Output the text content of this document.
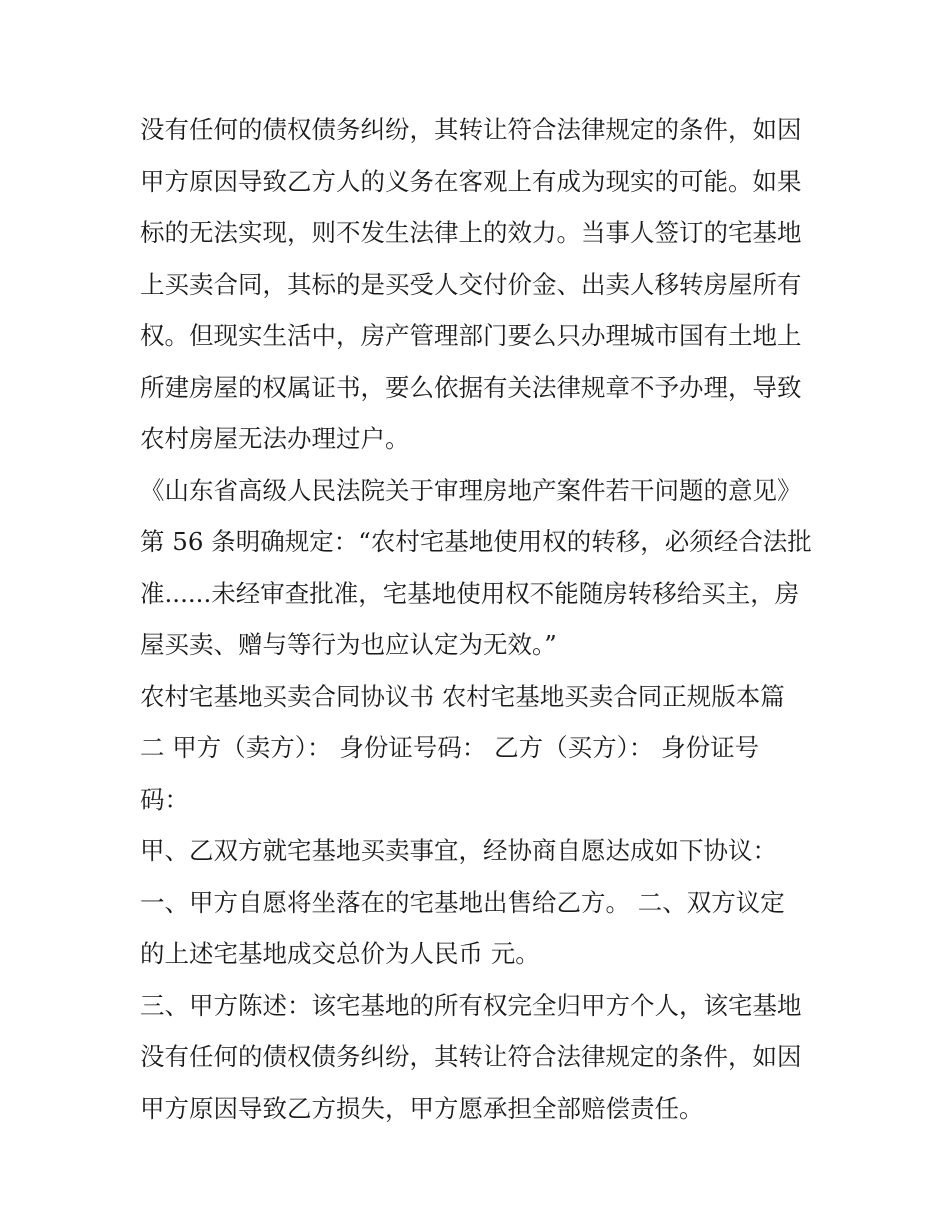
没有任何的债权债务纠纷，其转让符合法律规定的条件，如因
甲方原因导致乙方人的义务在客观上有成为现实的可能。如果
标的无法实现，则不发生法律上的效力。当事人签订的宅基地
上买卖合同，其标的是买受人交付价金、出卖人移转房屋所有
权。但现实生活中，房产管理部门要么只办理城市国有土地上
所建房屋的权属证书，要么依据有关法律规章不予办理，导致
农村房屋无法办理过户。
《山东省高级人民法院关于审理房地产案件若干问题的意见》
第 56 条明确规定：“农村宅基地使用权的转移，必须经合法批
准......未经审查批准，宅基地使用权不能随房转移给买主，房
屋买卖、赠与等行为也应认定为无效。”
农村宅基地买卖合同协议书 农村宅基地买卖合同正规版本篇
二 甲方（卖方）： 身份证号码： 乙方（买方）： 身份证号
码：
甲、乙双方就宅基地买卖事宜，经协商自愿达成如下协议：
一、甲方自愿将坐落在的宅基地出售给乙方。 二、双方议定
的上述宅基地成交总价为人民币 元。
三、甲方陈述：该宅基地的所有权完全归甲方个人，该宅基地
没有任何的债权债务纠纷，其转让符合法律规定的条件，如因
甲方原因导致乙方损失，甲方愿承担全部赔偿责任。
